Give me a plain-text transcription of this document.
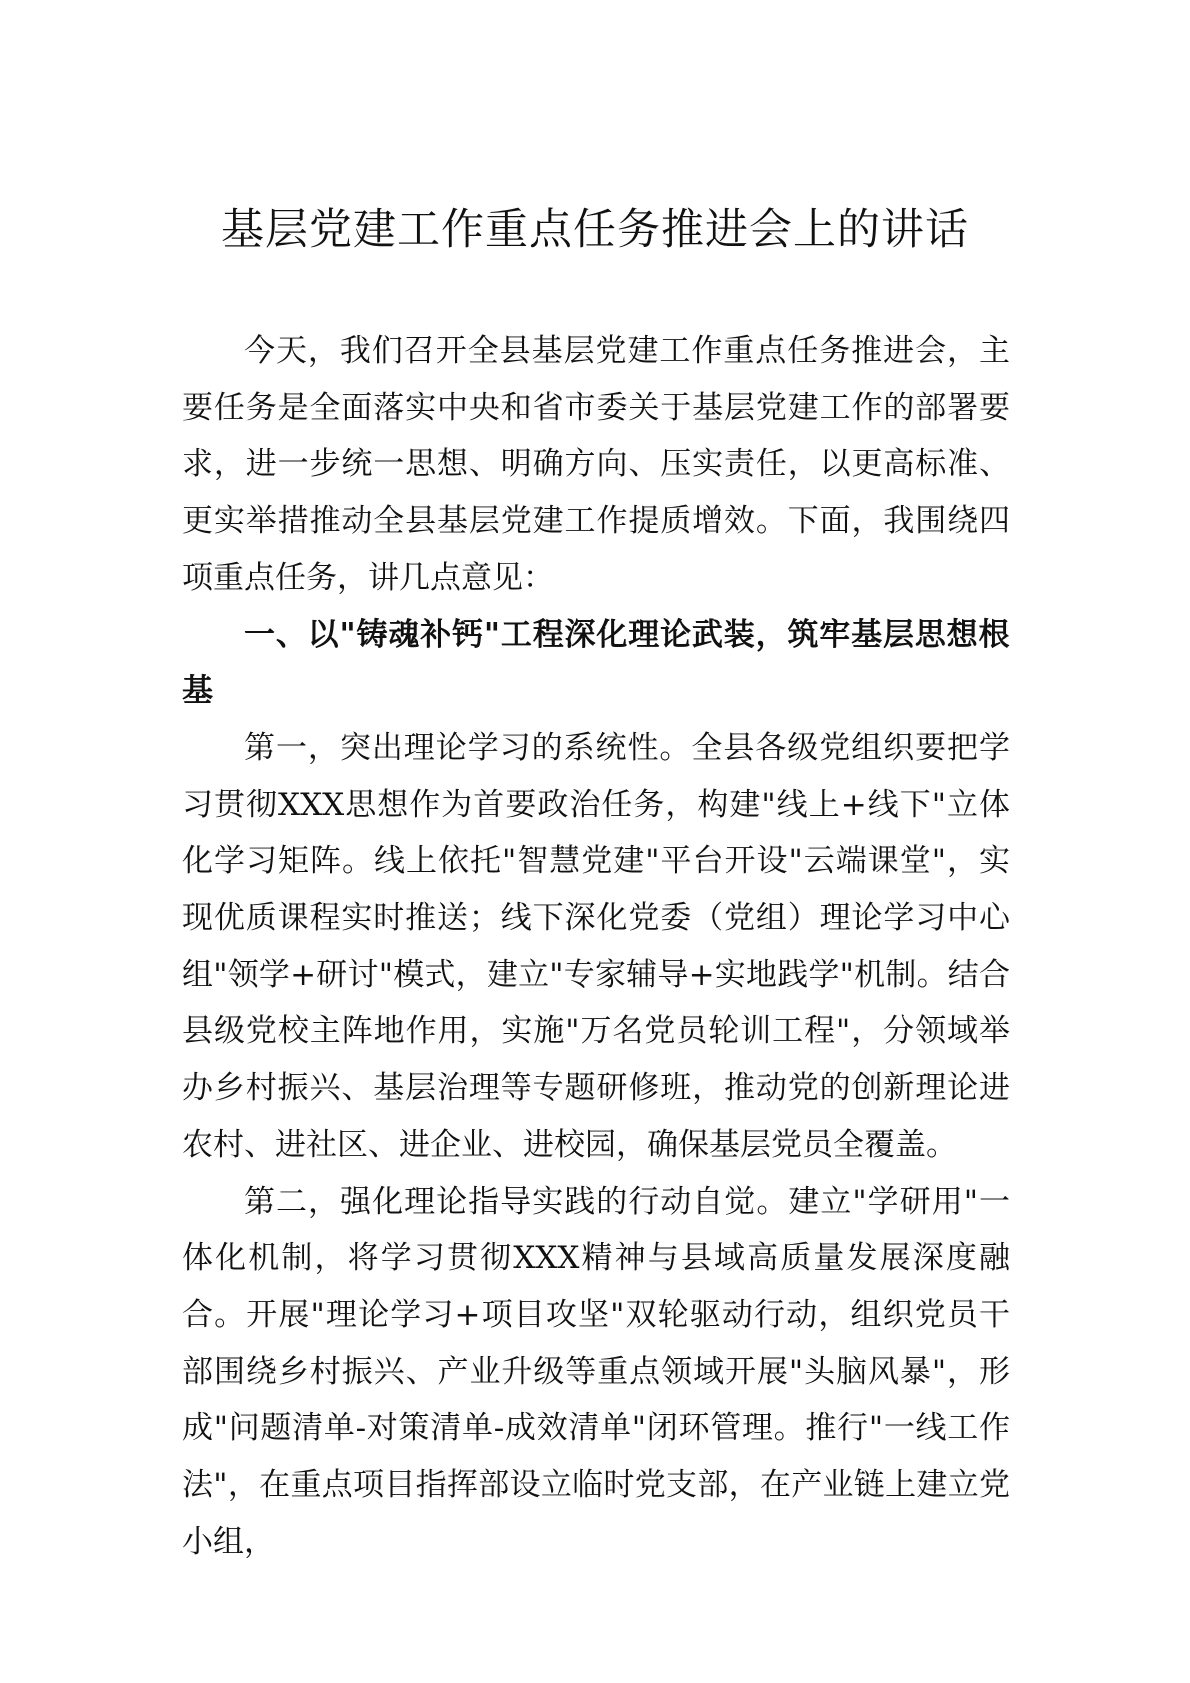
基层党建工作重点任务推进会上的讲话

今天，我们召开全县基层党建工作重点任务推进会，主要任务是全面落实中央和省市委关于基层党建工作的部署要求，进一步统一思想、明确方向、压实责任，以更高标准、更实举措推动全县基层党建工作提质增效。下面，我围绕四项重点任务，讲几点意见：

一、以"铸魂补钙"工程深化理论武装，筑牢基层思想根基

第一，突出理论学习的系统性。全县各级党组织要把学习贯彻XXX思想作为首要政治任务，构建"线上+线下"立体化学习矩阵。线上依托"智慧党建"平台开设"云端课堂"，实现优质课程实时推送；线下深化党委（党组）理论学习中心组"领学+研讨"模式，建立"专家辅导+实地践学"机制。结合县级党校主阵地作用，实施"万名党员轮训工程"，分领域举办乡村振兴、基层治理等专题研修班，推动党的创新理论进农村、进社区、进企业、进校园，确保基层党员全覆盖。

第二，强化理论指导实践的行动自觉。建立"学研用"一体化机制，将学习贯彻XXX精神与县域高质量发展深度融合。开展"理论学习+项目攻坚"双轮驱动行动，组织党员干部围绕乡村振兴、产业升级等重点领域开展"头脑风暴"，形成"问题清单-对策清单-成效清单"闭环管理。推行"一线工作法"，在重点项目指挥部设立临时党支部，在产业链上建立党小组，
